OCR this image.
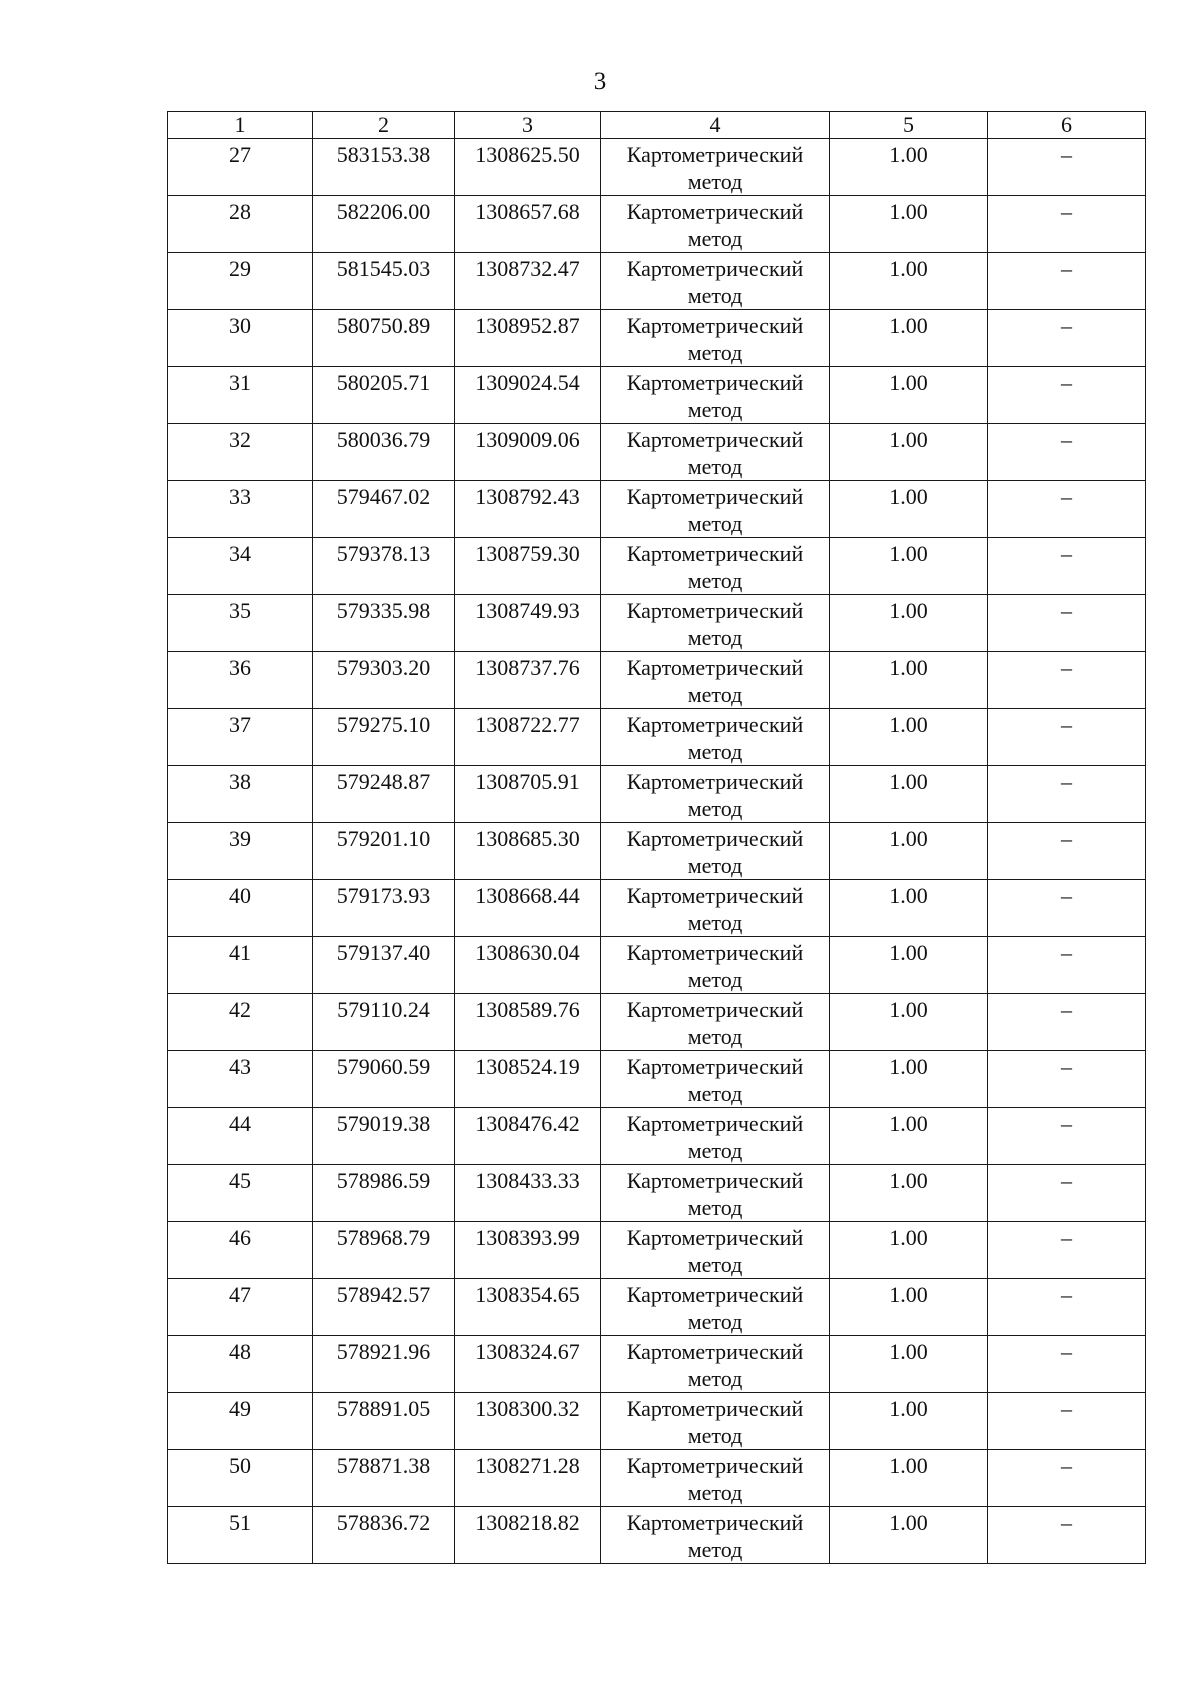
3
1	2	3	4	5	6
27	583153.38	1308625.50	Картометрический метод	1.00	–
28	582206.00	1308657.68	Картометрический метод	1.00	–
29	581545.03	1308732.47	Картометрический метод	1.00	–
30	580750.89	1308952.87	Картометрический метод	1.00	–
31	580205.71	1309024.54	Картометрический метод	1.00	–
32	580036.79	1309009.06	Картометрический метод	1.00	–
33	579467.02	1308792.43	Картометрический метод	1.00	–
34	579378.13	1308759.30	Картометрический метод	1.00	–
35	579335.98	1308749.93	Картометрический метод	1.00	–
36	579303.20	1308737.76	Картометрический метод	1.00	–
37	579275.10	1308722.77	Картометрический метод	1.00	–
38	579248.87	1308705.91	Картометрический метод	1.00	–
39	579201.10	1308685.30	Картометрический метод	1.00	–
40	579173.93	1308668.44	Картометрический метод	1.00	–
41	579137.40	1308630.04	Картометрический метод	1.00	–
42	579110.24	1308589.76	Картометрический метод	1.00	–
43	579060.59	1308524.19	Картометрический метод	1.00	–
44	579019.38	1308476.42	Картометрический метод	1.00	–
45	578986.59	1308433.33	Картометрический метод	1.00	–
46	578968.79	1308393.99	Картометрический метод	1.00	–
47	578942.57	1308354.65	Картометрический метод	1.00	–
48	578921.96	1308324.67	Картометрический метод	1.00	–
49	578891.05	1308300.32	Картометрический метод	1.00	–
50	578871.38	1308271.28	Картометрический метод	1.00	–
51	578836.72	1308218.82	Картометрический метод	1.00	–
